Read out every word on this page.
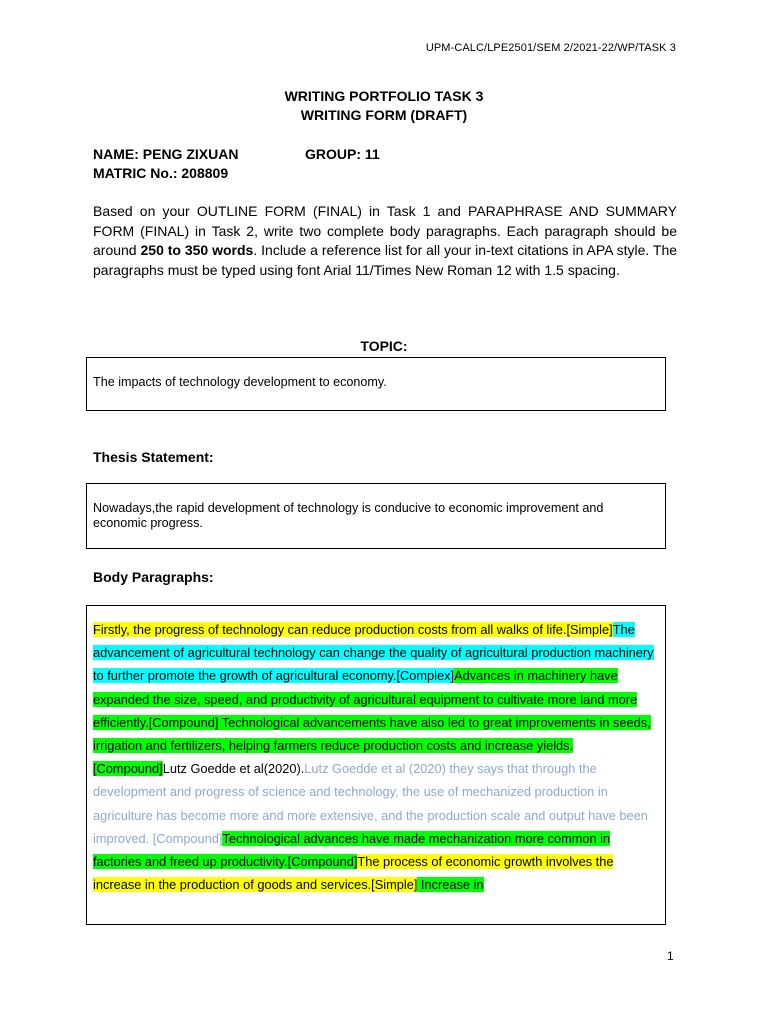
UPM-CALC/LPE2501/SEM 2/2021-22/WP/TASK 3
WRITING PORTFOLIO TASK 3
WRITING FORM (DRAFT)
NAME: PENG ZIXUAN	GROUP: 11
MATRIC No.: 208809
Based on your OUTLINE FORM (FINAL) in Task 1 and PARAPHRASE AND SUMMARY FORM (FINAL) in Task 2, write two complete body paragraphs. Each paragraph should be around 250 to 350 words. Include a reference list for all your in-text citations in APA style. The paragraphs must be typed using font Arial 11/Times New Roman 12 with 1.5 spacing.
TOPIC:
The impacts of technology development to economy.
Thesis Statement:
Nowadays,the rapid development of technology is conducive to economic improvement and economic progress.
Body Paragraphs:
Firstly, the progress of technology can reduce production costs from all walks of life.[Simple]The advancement of agricultural technology can change the quality of agricultural production machinery to further promote the growth of agricultural economy.[Complex]Advances in machinery have expanded the size, speed, and productivity of agricultural equipment to cultivate more land more efficiently.[Compound] Technological advancements have also led to great improvements in seeds, irrigation and fertilizers, helping farmers reduce production costs and increase yields.[Compound]Lutz Goedde et al(2020).Lutz Goedde et al (2020) they says that through the development and progress of science and technology, the use of mechanized production in agriculture has become more and more extensive, and the production scale and output have been improved. [Compound]Technological advances have made mechanization more common in factories and freed up productivity.[Compound]The process of economic growth involves the increase in the production of goods and services.[Simple] Increase in
1
